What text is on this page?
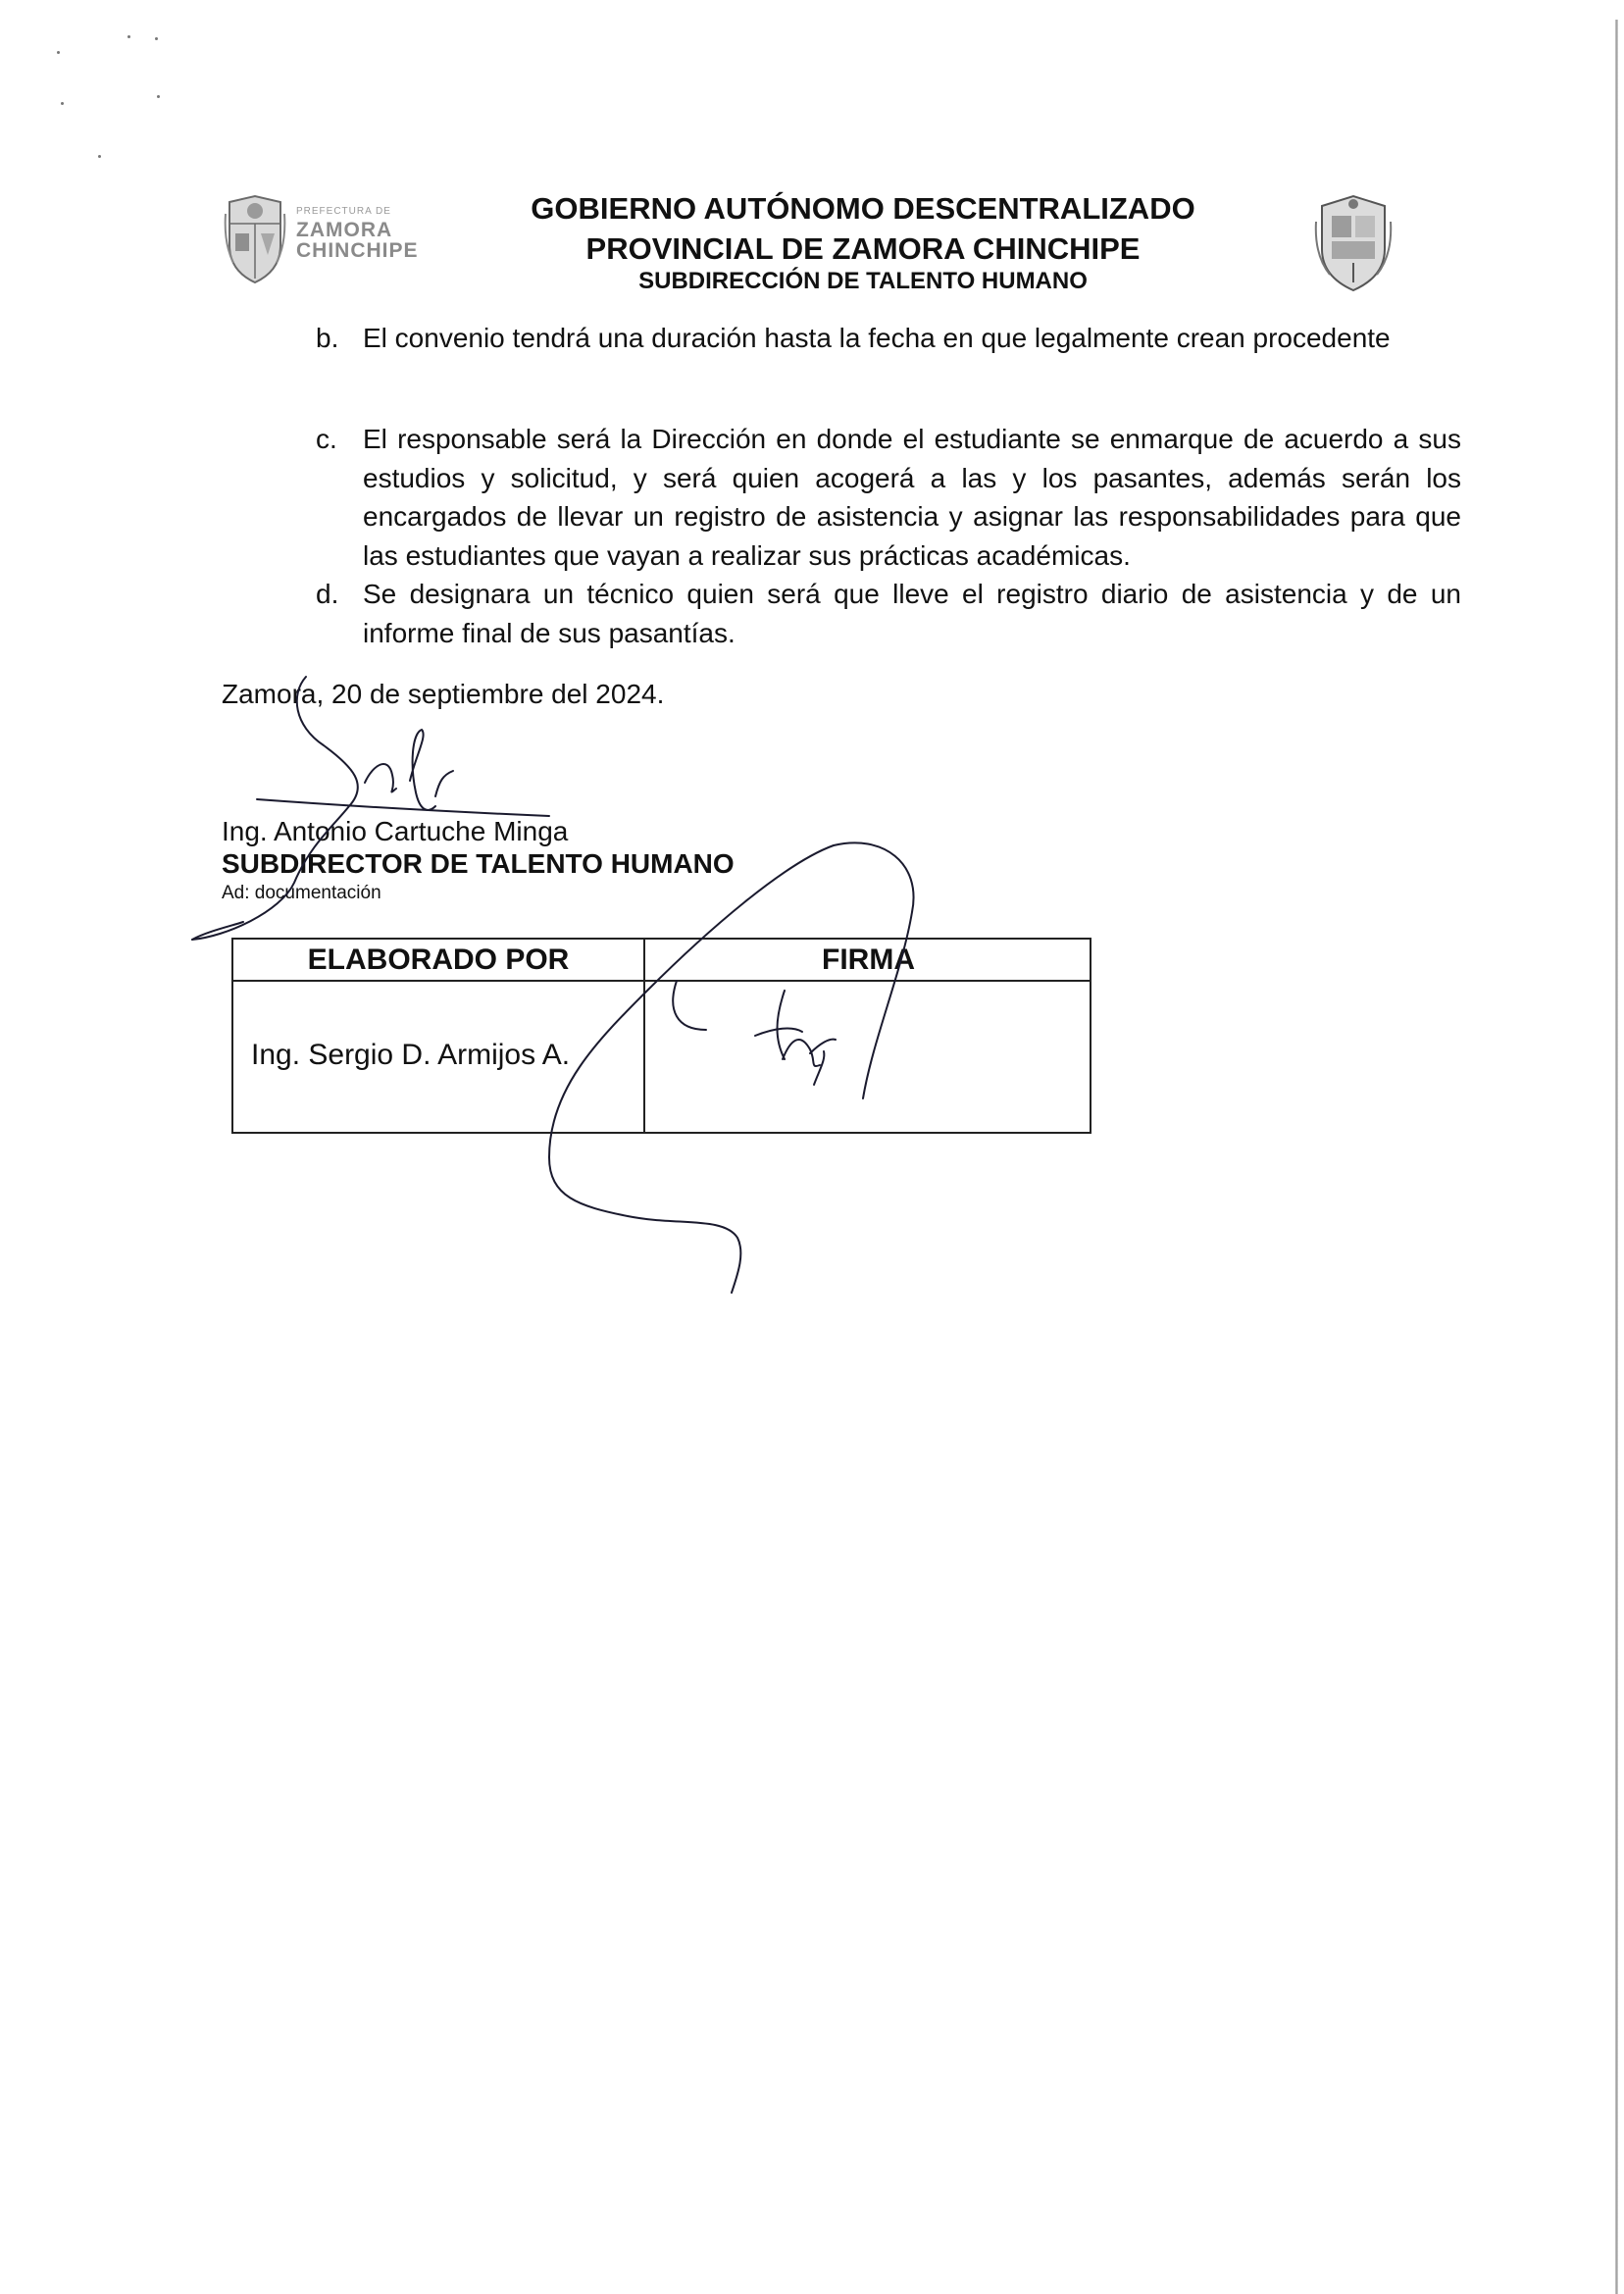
PREFECTURA DE
ZAMORA
CHINCHIPE
GOBIERNO AUTÓNOMO DESCENTRALIZADO
PROVINCIAL DE ZAMORA CHINCHIPE
SUBDIRECCIÓN DE TALENTO HUMANO
b. El convenio tendrá una duración hasta la fecha en que legalmente crean procedente
c. El responsable será la Dirección en donde el estudiante se enmarque de acuerdo a sus estudios y solicitud, y será quien acogerá a las y los pasantes, además serán los encargados de llevar un registro de asistencia y asignar las responsabilidades para que las estudiantes que vayan a realizar sus prácticas académicas.
d. Se designara un técnico quien será que lleve el registro diario de asistencia y de un informe final de sus pasantías.
Zamora, 20 de septiembre del 2024.
Ing. Antonio Cartuche Minga
SUBDIRECTOR DE TALENTO HUMANO
Ad: documentación
ELABORADO POR	FIRMA
Ing. Sergio D. Armijos A.
